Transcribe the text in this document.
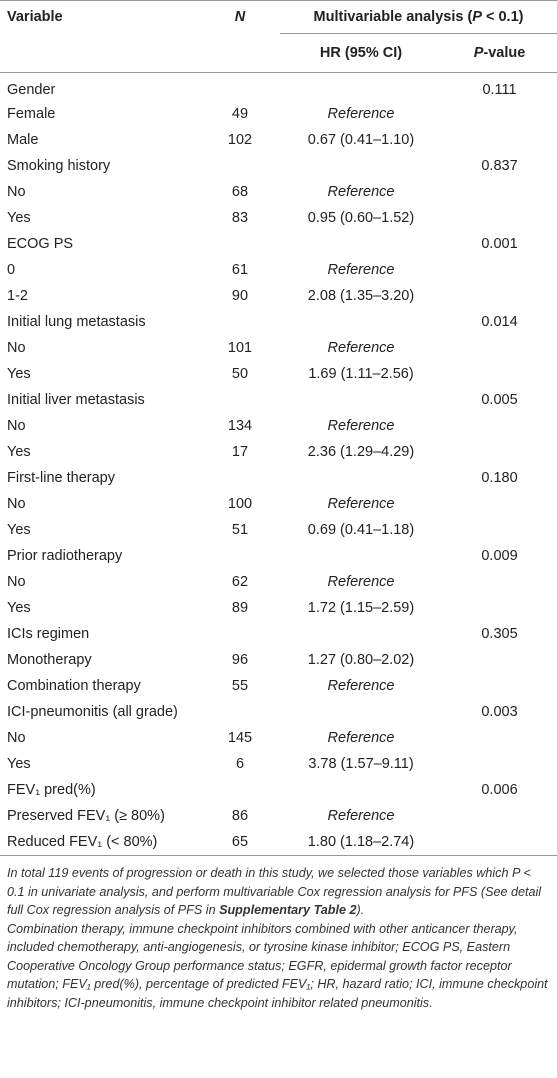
Variable	N	Multivariable analysis (P < 0.1)	
		HR (95% CI)	P-value
Gender			0.111
Female	49	Reference	
Male	102	0.67 (0.41–1.10)	
Smoking history			0.837
No	68	Reference	
Yes	83	0.95 (0.60–1.52)	
ECOG PS			0.001
0	61	Reference	
1-2	90	2.08 (1.35–3.20)	
Initial lung metastasis			0.014
No	101	Reference	
Yes	50	1.69 (1.11–2.56)	
Initial liver metastasis			0.005
No	134	Reference	
Yes	17	2.36 (1.29–4.29)	
First-line therapy			0.180
No	100	Reference	
Yes	51	0.69 (0.41–1.18)	
Prior radiotherapy			0.009
No	62	Reference	
Yes	89	1.72 (1.15–2.59)	
ICIs regimen			0.305
Monotherapy	96	1.27 (0.80–2.02)	
Combination therapy	55	Reference	
ICI-pneumonitis (all grade)			0.003
No	145	Reference	
Yes	6	3.78 (1.57–9.11)	
FEV₁ pred(%)			0.006
Preserved FEV₁ (≥ 80%)	86	Reference	
Reduced FEV₁ (< 80%)	65	1.80 (1.18–2.74)	

In total 119 events of progression or death in this study, we selected those variables which P < 0.1 in univariate analysis, and perform multivariable Cox regression analysis for PFS (See detail full Cox regression analysis of PFS in Supplementary Table 2).

Combination therapy, immune checkpoint inhibitors combined with other anticancer therapy, included chemotherapy, anti-angiogenesis, or tyrosine kinase inhibitor; ECOG PS, Eastern Cooperative Oncology Group performance status; EGFR, epidermal growth factor receptor mutation; FEV₁ pred(%), percentage of predicted FEV₁; HR, hazard ratio; ICI, immune checkpoint inhibitors; ICI-pneumonitis, immune checkpoint inhibitor related pneumonitis.
